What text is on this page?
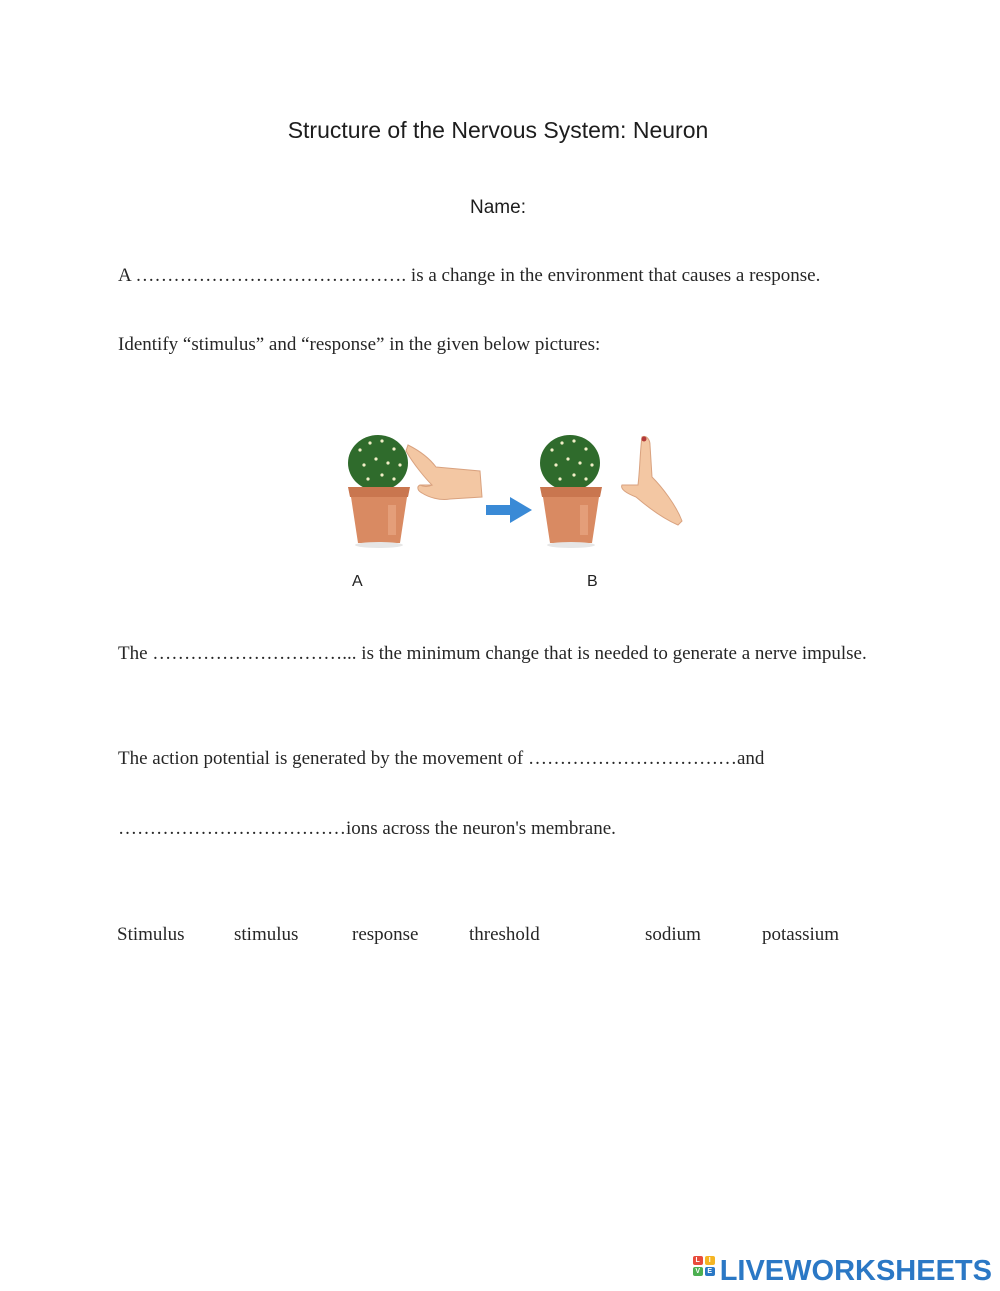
Structure of the Nervous System: Neuron

Name:

A ……………………………………. is a change in the environment that causes a response.

Identify “stimulus” and “response” in the given below pictures:

A	B

The …………………………... is the minimum change that is needed to generate a nerve impulse.

The action potential is generated by the movement of ……………………………and

………………………………ions across the neuron's membrane.

Stimulus	stimulus	response	threshold	sodium	potassium
L	I
V	E LIVEWORKSHEETS
